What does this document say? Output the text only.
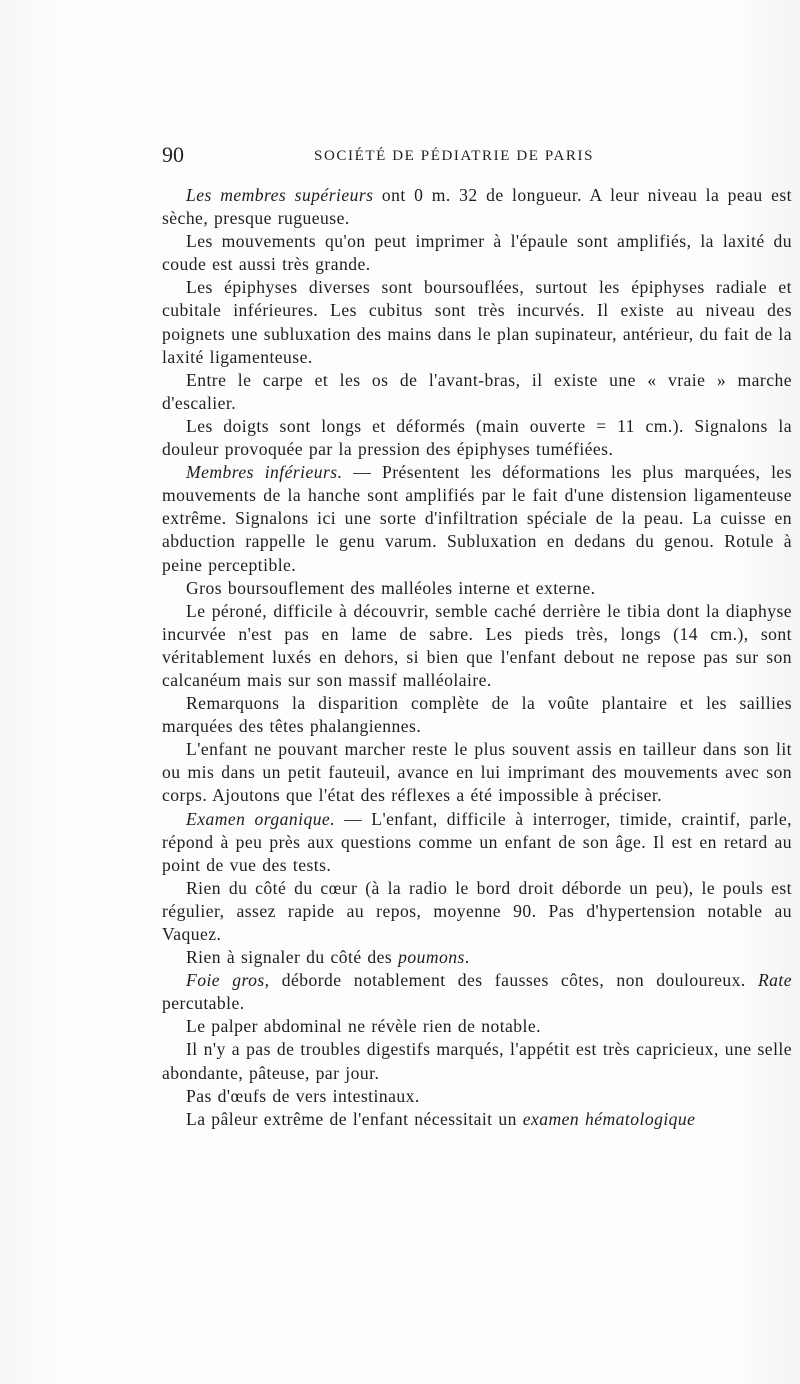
90	SOCIÉTÉ DE PÉDIATRIE DE PARIS

Les membres supérieurs ont 0 m. 32 de longueur. A leur niveau la peau est sèche, presque rugueuse.

Les mouvements qu'on peut imprimer à l'épaule sont amplifiés, la laxité du coude est aussi très grande.

Les épiphyses diverses sont boursouflées, surtout les épiphyses radiale et cubitale inférieures. Les cubitus sont très incurvés. Il existe au niveau des poignets une subluxation des mains dans le plan supinateur, antérieur, du fait de la laxité ligamenteuse.

Entre le carpe et les os de l'avant-bras, il existe une « vraie » marche d'escalier.

Les doigts sont longs et déformés (main ouverte = 11 cm.). Signalons la douleur provoquée par la pression des épiphyses tuméfiées.

Membres inférieurs. — Présentent les déformations les plus marquées, les mouvements de la hanche sont amplifiés par le fait d'une distension ligamenteuse extrême. Signalons ici une sorte d'infiltration spéciale de la peau. La cuisse en abduction rappelle le genu varum. Subluxation en dedans du genou. Rotule à peine perceptible.

Gros boursouflement des malléoles interne et externe.

Le péroné, difficile à découvrir, semble caché derrière le tibia dont la diaphyse incurvée n'est pas en lame de sabre. Les pieds très, longs (14 cm.), sont véritablement luxés en dehors, si bien que l'enfant debout ne repose pas sur son calcanéum mais sur son massif malléolaire.

Remarquons la disparition complète de la voûte plantaire et les saillies marquées des têtes phalangiennes.

L'enfant ne pouvant marcher reste le plus souvent assis en tailleur dans son lit ou mis dans un petit fauteuil, avance en lui imprimant des mouvements avec son corps. Ajoutons que l'état des réflexes a été impossible à préciser.

Examen organique. — L'enfant, difficile à interroger, timide, craintif, parle, répond à peu près aux questions comme un enfant de son âge. Il est en retard au point de vue des tests.

Rien du côté du cœur (à la radio le bord droit déborde un peu), le pouls est régulier, assez rapide au repos, moyenne 90. Pas d'hypertension notable au Vaquez.

Rien à signaler du côté des poumons.

Foie gros, déborde notablement des fausses côtes, non douloureux. Rate percutable.

Le palper abdominal ne révèle rien de notable.

Il n'y a pas de troubles digestifs marqués, l'appétit est très capricieux, une selle abondante, pâteuse, par jour.

Pas d'œufs de vers intestinaux.

La pâleur extrême de l'enfant nécessitait un examen hématologique
